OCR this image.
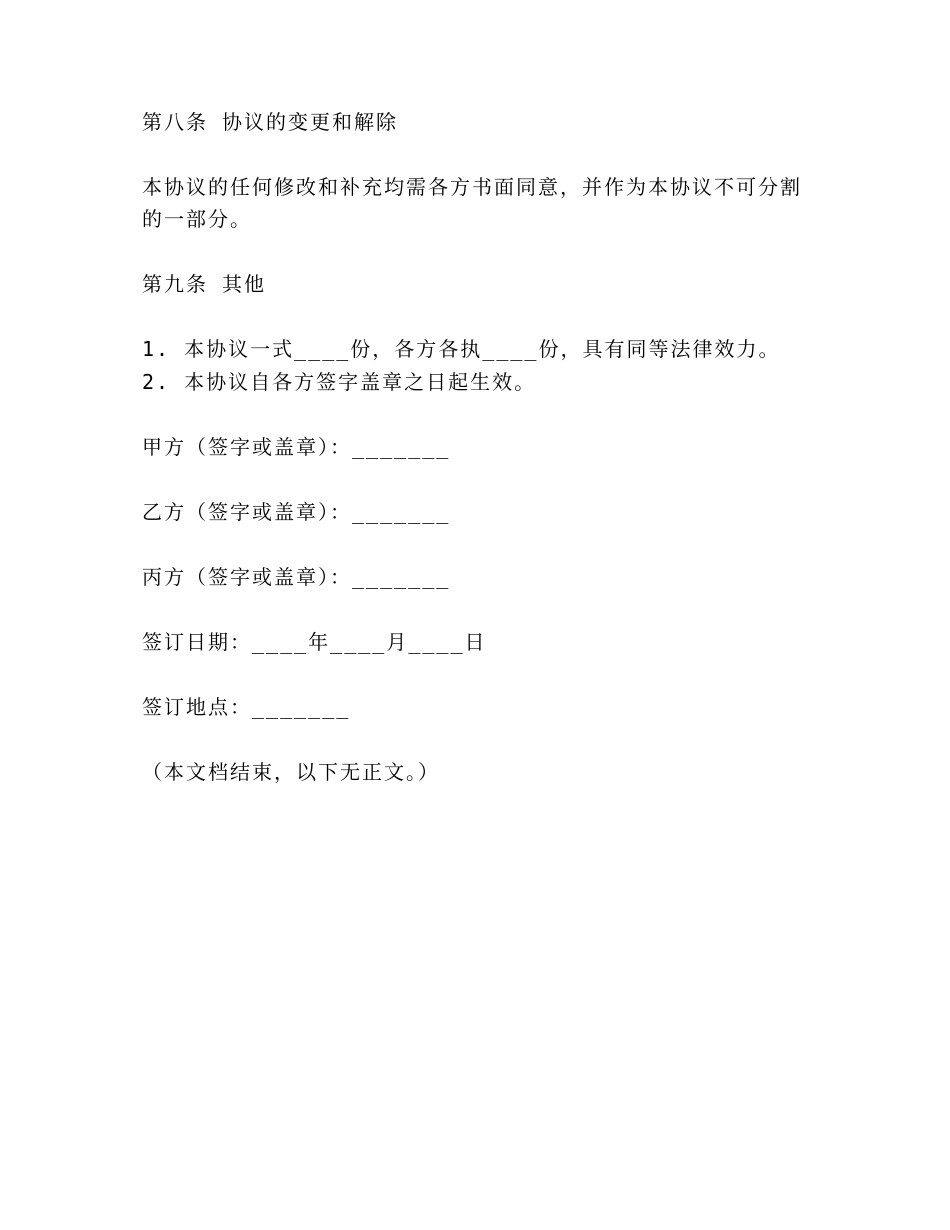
第八条 协议的变更和解除
本协议的任何修改和补充均需各方书面同意，并作为本协议不可分割
的一部分。
第九条 其他
1. 本协议一式____份，各方各执____份，具有同等法律效力。
2. 本协议自各方签字盖章之日起生效。
甲方（签字或盖章）：_______
乙方（签字或盖章）：_______
丙方（签字或盖章）：_______
签订日期：____年____月____日
签订地点：_______
（本文档结束，以下无正文。）
